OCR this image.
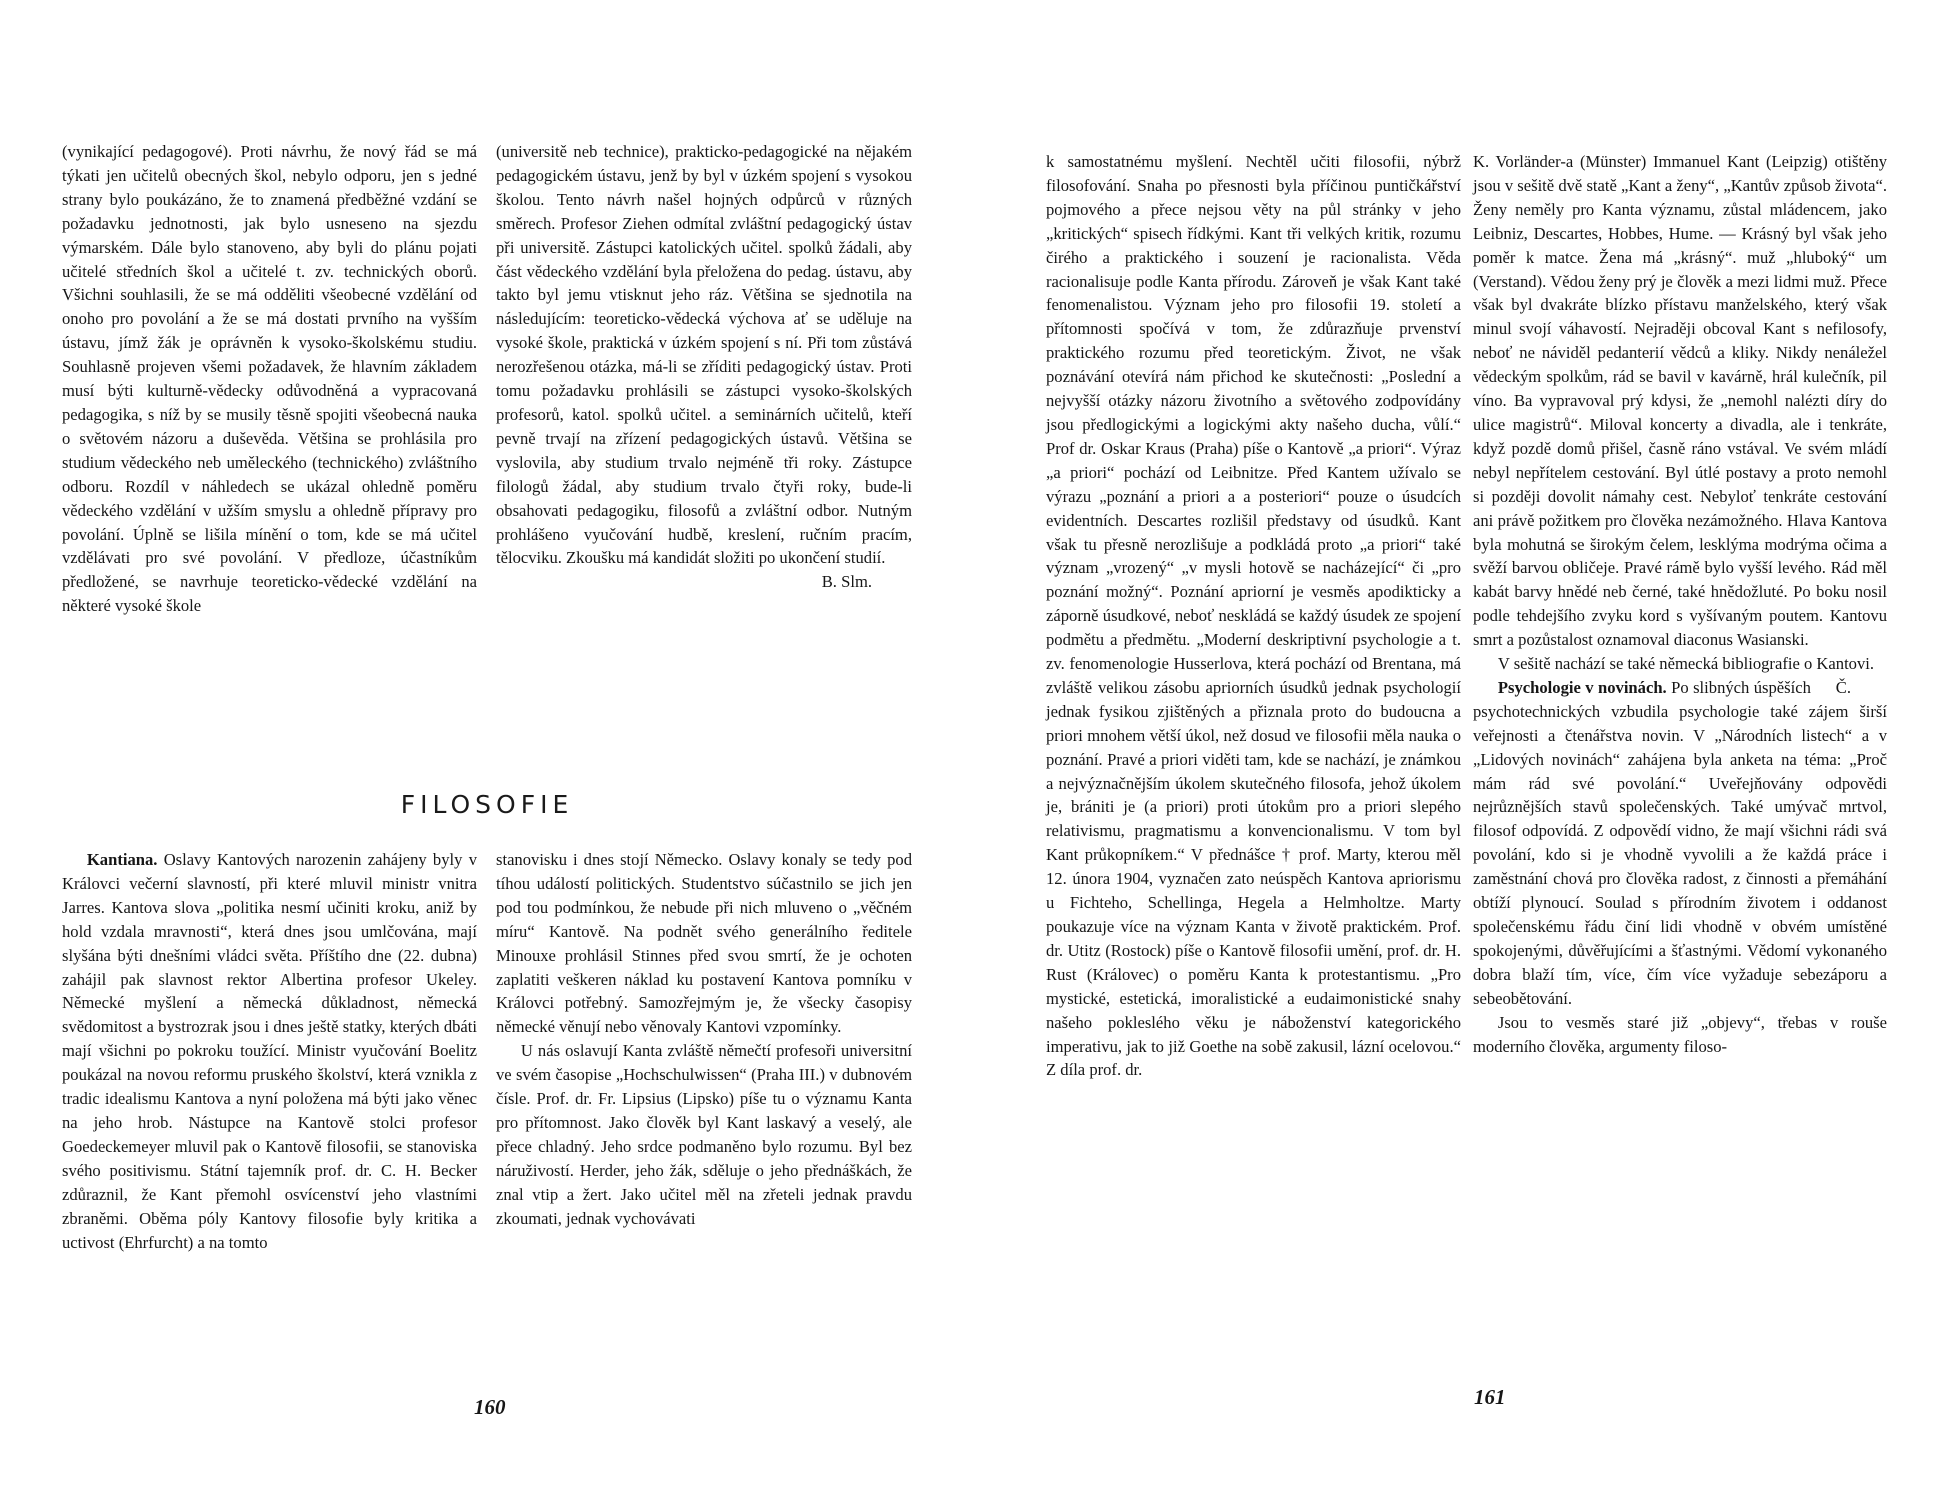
(vynikající pedagogové). Proti návrhu, že nový řád se má týkati jen učitelů obecných škol, nebylo odporu, jen s jedné strany bylo poukázáno, že to znamená předběžné vzdání se požadavku jednotnosti, jak bylo usneseno na sjezdu výmarském. Dále bylo stanoveno, aby byli do plánu pojati učitelé středních škol a učitelé t. zv. technických oborů. Všichni souhlasili, že se má odděliti všeobecné vzdělání od onoho pro povolání a že se má dostati prvního na vyšším ústavu, jímž žák je oprávněn k vysoko-školskému studiu. Souhlasně projeven všemi požadavek, že hlavním základem musí býti kulturně-vědecky odůvodněná a vypracovaná pedagogika, s níž by se musily těsně spojiti všeobecná nauka o světovém názoru a duševěda. Většina se prohlásila pro studium vědeckého neb uměleckého (technického) zvláštního odboru. Rozdíl v náhledech se ukázal ohledně poměru vědeckého vzdělání v užším smyslu a ohledně přípravy pro povolání. Úplně se lišila mínění o tom, kde se má učitel vzdělávati pro své povolání. V předloze, účastníkům předložené, se navrhuje teoreticko-vědecké vzdělání na některé vysoké škole

(universitě neb technice), prakticko-pedagogické na nějakém pedagogickém ústavu, jenž by byl v úzkém spojení s vysokou školou. Tento návrh našel hojných odpůrců v různých směrech. Profesor Ziehen odmítal zvláštní pedagogický ústav při universitě. Zástupci katolických učitel. spolků žádali, aby část vědeckého vzdělání byla přeložena do pedag. ústavu, aby takto byl jemu vtisknut jeho ráz. Většina se sjednotila na následujícím: teoreticko-vědecká výchova ať se uděluje na vysoké škole, praktická v úzkém spojení s ní. Při tom zůstává nerozřešenou otázka, má-li se zříditi pedagogický ústav. Proti tomu požadavku prohlásili se zástupci vysoko-školských profesorů, katol. spolků učitel. a seminárních učitelů, kteří pevně trvají na zřízení pedagogických ústavů. Většina se vyslovila, aby studium trvalo nejméně tři roky. Zástupce filologů žádal, aby studium trvalo čtyři roky, bude-li obsahovati pedagogiku, filosofů a zvláštní odbor. Nutným prohlášeno vyučování hudbě, kreslení, ručním pracím, tělocviku. Zkoušku má kandidát složiti po ukončení studií.
B. Slm.

FILOSOFIE

Kantiana. Oslavy Kantových narozenin zahájeny byly v Královci večerní slavností, při které mluvil ministr vnitra Jarres. Kantova slova „politika nesmí učiniti kroku, aniž by hold vzdala mravnosti“, která dnes jsou umlčována, mají slyšána býti dnešními vládci světa. Příštího dne (22. dubna) zahájil pak slavnost rektor Albertina profesor Ukeley. Německé myšlení a německá důkladnost, německá svědomitost a bystrozrak jsou i dnes ještě statky, kterých dbáti mají všichni po pokroku toužící. Ministr vyučování Boelitz poukázal na novou reformu pruského školství, která vznikla z tradic idealismu Kantova a nyní položena má býti jako věnec na jeho hrob. Nástupce na Kantově stolci profesor Goedeckemeyer mluvil pak o Kantově filosofii, se stanoviska svého positivismu. Státní tajemník prof. dr. C. H. Becker zdůraznil, že Kant přemohl osvícenství jeho vlastními zbraněmi. Oběma póly Kantovy filosofie byly kritika a uctivost (Ehrfurcht) a na tomto

stanovisku i dnes stojí Německo. Oslavy konaly se tedy pod tíhou událostí politických. Studentstvo súčastnilo se jich jen pod tou podmínkou, že nebude při nich mluveno o „věčném míru“ Kantově. Na podnět svého generálního ředitele Minouxe prohlásil Stinnes před svou smrtí, že je ochoten zaplatiti veškeren náklad ku postavení Kantova pomníku v Královci potřebný. Samozřejmým je, že všecky časopisy německé věnují nebo věnovaly Kantovi vzpomínky.

U nás oslavují Kanta zvláště němečtí profesoři universitní ve svém časopise „Hochschulwissen“ (Praha III.) v dubnovém čísle. Prof. dr. Fr. Lipsius (Lipsko) píše tu o významu Kanta pro přítomnost. Jako člověk byl Kant laskavý a veselý, ale přece chladný. Jeho srdce podmaněno bylo rozumu. Byl bez náruživostí. Herder, jeho žák, sděluje o jeho přednáškách, že znal vtip a žert. Jako učitel měl na zřeteli jednak pravdu zkoumati, jednak vychovávati

160

k samostatnému myšlení. Nechtěl učiti filosofii, nýbrž filosofování. Snaha po přesnosti byla příčinou puntičkářství pojmového a přece nejsou věty na půl stránky v jeho „kritických“ spisech řídkými. Kant tři velkých kritik, rozumu čirého a praktického i souzení je racionalista. Věda racionalisuje podle Kanta přírodu. Zároveň je však Kant také fenomenalistou. Význam jeho pro filosofii 19. století a přítomnosti spočívá v tom, že zdůrazňuje prvenství praktického rozumu před teoretickým. Život, ne však poznávání otevírá nám přichod ke skutečnosti: „Poslední a nejvyšší otázky názoru životního a světového zodpovídány jsou předlogickými a logickými akty našeho ducha, vůlí.“ Prof dr. Oskar Kraus (Praha) píše o Kantově „a priori“. Výraz „a priori“ pochází od Leibnitze. Před Kantem užívalo se výrazu „poznání a priori a a posteriori“ pouze o úsudcích evidentních. Descartes rozlišil představy od úsudků. Kant však tu přesně nerozlišuje a podkládá proto „a priori“ také význam „vrozený“ „v mysli hotově se nacházející“ či „pro poznání možný“. Poznání apriorní je vesměs apodikticky a záporně úsudkové, neboť neskládá se každý úsudek ze spojení podmětu a předmětu. „Moderní deskriptivní psychologie a t. zv. fenomenologie Husserlova, která pochází od Brentana, má zvláště velikou zásobu apriorních úsudků jednak psychologií jednak fysikou zjištěných a přiznala proto do budoucna a priori mnohem větší úkol, než dosud ve filosofii měla nauka o poznání. Pravé a priori viděti tam, kde se nachází, je známkou a nejvýznačnějším úkolem skutečného filosofa, jehož úkolem je, brániti je (a priori) proti útokům pro a priori slepého relativismu, pragmatismu a konvencionalismu. V tom byl Kant průkopníkem.“ V přednášce † prof. Marty, kterou měl 12. února 1904, vyznačen zato neúspěch Kantova apriorismu u Fichteho, Schellinga, Hegela a Helmholtze. Marty poukazuje více na význam Kanta v životě praktickém. Prof. dr. Utitz (Rostock) píše o Kantově filosofii umění, prof. dr. H. Rust (Královec) o poměru Kanta k protestantismu. „Pro mystické, estetická, imoralistické a eudaimonistické snahy našeho poklesléhо věku je náboženství kategorického imperativu, jak to již Goethe na sobě zakusil, lázní ocelovou.“ Z díla prof. dr.

K. Vorländer-a (Münster) Immanuel Kant (Leipzig) otištěny jsou v sešitě dvě statě „Kant a ženy“, „Kantův způsob života“. Ženy neměly pro Kanta významu, zůstal mládencem, jako Leibniz, Descartes, Hobbes, Hume. — Krásný byl však jeho poměr k matce. Žena má „krásný“. muž „hluboký“ um (Verstand). Vědou ženy prý je člověk a mezi lidmi muž. Přece však byl dvakráte blízko přístavu manželského, který však minul svojí váhavostí. Nejraději obcoval Kant s nefilosofy, neboť ne náviděl pedanterií vědců a kliky. Nikdy nenáležel vědeckým spolkům, rád se bavil v kavárně, hrál kulečník, pil víno. Ba vypravoval prý kdysi, že „nemohl nalézti díry do ulice magistrů“. Miloval koncerty a divadla, ale i tenkráte, když pozdě domů přišel, časně ráno vstával. Ve svém mládí nebyl nepřítelem cestování. Byl útlé postavy a proto nemohl si později dovolit námahy cest. Nebyloť tenkráte cestování ani právě požitkem pro člověka nezámožného. Hlava Kantova byla mohutná se širokým čelem, lesklýma modrýma očima a svěží barvou obličeje. Pravé rámě bylo vyšší levého. Rád měl kabát barvy hnědé neb černé, také hnědožluté. Po boku nosil podle tehdejšího zvyku kord s vyšívaným poutem. Kantovu smrt a pozůstalost oznamoval diaconus Wasianski.

V sešitě nachází se také německá bibliografie o Kantovi.
Č.

Psychologie v novinách. Po slibných úspěších psychotechnických vzbudila psychologie také zájem širší veřejnosti a čtenářstva novin. V „Národních listech“ a v „Lidových novinách“ zahájena byla anketa na téma: „Proč mám rád své povolání.“ Uveřejňovány odpovědi nejrůznějších stavů společenských. Také umývač mrtvol, filosof odpovídá. Z odpovědí vidno, že mají všichni rádi svá povolání, kdo si je vhodně vyvolili a že každá práce i zaměstnání chová pro člověka radost, z činnosti a přemáhání obtíží plynoucí. Soulad s přírodním životem i oddanost společenskému řádu činí lidi vhodně v obvém umístěné spokojenými, důvěřujícími a šťastnými. Vědomí vykonaného dobra blaží tím, více, čím více vyžaduje sebezáporu a sebeobětování.

Jsou to vesměs staré již „objevy“, třebas v rouše moderního člověka, argumenty filoso-

161
